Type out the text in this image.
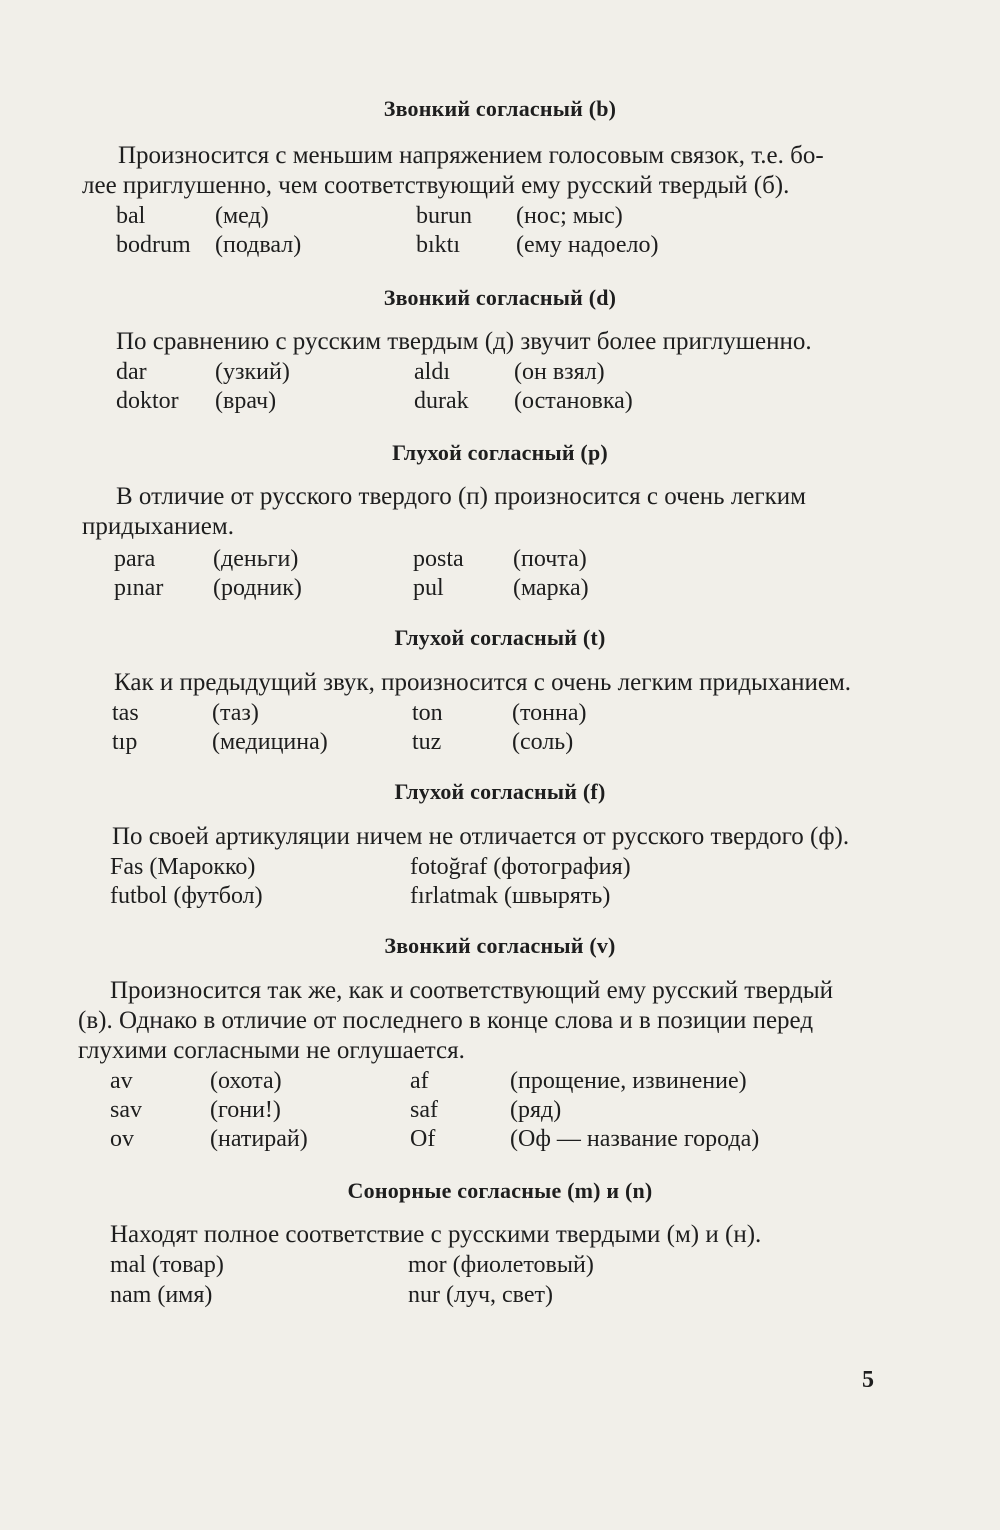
Звонкий согласный (b)
Произносится с меньшим напряжением голосовым связок, т.е. бо-
лее приглушенно, чем соответствующий ему русский твердый (б).
bal	(мед)	burun (нос; мыс)
bodrum (подвал)	bıktı (ему надоело)
Звонкий согласный (d)
По сравнению с русским твердым (д) звучит более приглушенно.
dar	(узкий)	aldı	(он взял)
doktor (врач)	durak (остановка)
Глухой согласный (p)
В отличие от русского твердого (п) произносится с очень легким
придыханием.
para (деньги)	posta (почта)
pınar (родник)	pul	(марка)
Глухой согласный (t)
Как и предыдущий звук, произносится с очень легким придыханием.
tas	(таз)	ton	(тонна)
tıp	(медицина)	tuz	(соль)
Глухой согласный (f)
По своей артикуляции ничем не отличается от русского твердого (ф).
Fas (Марокко)	fotoğraf (фотография)
futbol (футбол)	fırlatmak (швырять)
Звонкий согласный (v)
Произносится так же, как и соответствующий ему русский твердый
(в). Однако в отличие от последнего в конце слова и в позиции перед
глухими согласными не оглушается.
av	(охота)	af	(прощение, извинение)
sav	(гони!)	saf	(ряд)
ov	(натирай)	Of	(Оф — название города)
Сонорные согласные (m) и (n)
Находят полное соответствие с русскими твердыми (м) и (н).
mal (товар)	mor (фиолетовый)
nam (имя)	nur (луч, свет)
5
